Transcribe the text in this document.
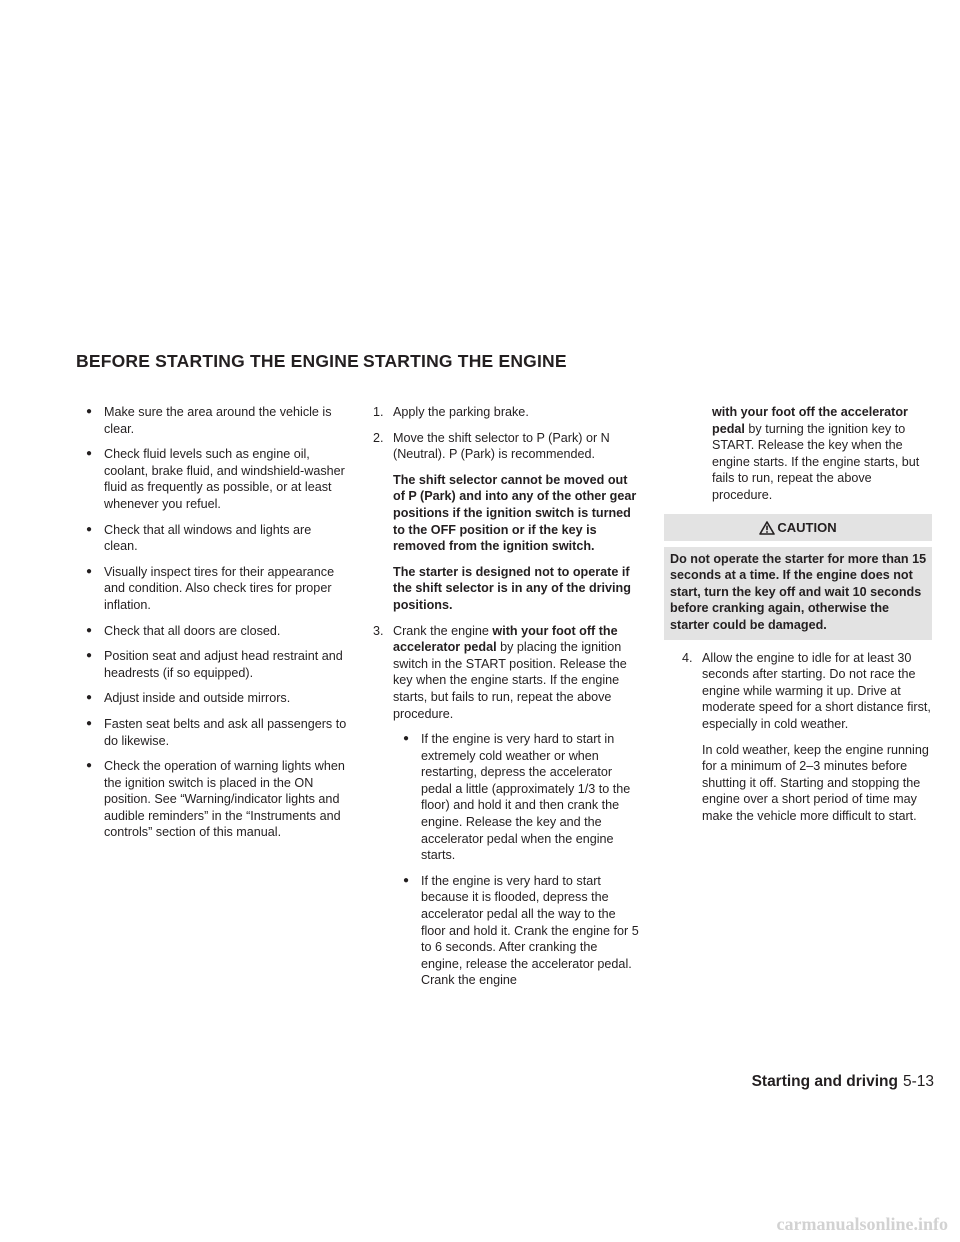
BEFORE STARTING THE ENGINE STARTING THE ENGINE
● Make sure the area around the vehicle is clear.
● Check fluid levels such as engine oil, coolant, brake fluid, and windshield-washer fluid as frequently as possible, or at least whenever you refuel.
● Check that all windows and lights are clean.
● Visually inspect tires for their appearance and condition. Also check tires for proper inflation.
● Check that all doors are closed.
● Position seat and adjust head restraint and headrests (if so equipped).
● Adjust inside and outside mirrors.
● Fasten seat belts and ask all passengers to do likewise.
● Check the operation of warning lights when the ignition switch is placed in the ON position. See “Warning/indicator lights and audible reminders” in the “Instruments and controls” section of this manual.
1. Apply the parking brake.

2. Move the shift selector to P (Park) or N (Neutral). P (Park) is recommended.

The shift selector cannot be moved out of P (Park) and into any of the other gear positions if the ignition switch is turned to the OFF position or if the key is removed from the ignition switch.

The starter is designed not to operate if the shift selector is in any of the driving positions.

3. Crank the engine with your foot off the accelerator pedal by placing the ignition switch in the START position. Release the key when the engine starts. If the engine starts, but fails to run, repeat the above procedure.

● If the engine is very hard to start in extremely cold weather or when restarting, depress the accelerator pedal a little (approximately 1/3 to the floor) and hold it and then crank the engine. Release the key and the accelerator pedal when the engine starts.
● If the engine is very hard to start because it is flooded, depress the accelerator pedal all the way to the floor and hold it. Crank the engine for 5 to 6 seconds. After cranking the engine, release the accelerator pedal. Crank the engine

with your foot off the accelerator pedal by turning the ignition key to START. Release the key when the engine starts. If the engine starts, but fails to run, repeat the above procedure.

CAUTION
Do not operate the starter for more than 15 seconds at a time. If the engine does not start, turn the key off and wait 10 seconds before cranking again, otherwise the starter could be damaged.
4. Allow the engine to idle for at least 30 seconds after starting. Do not race the engine while warming it up. Drive at moderate speed for a short distance first, especially in cold weather.

In cold weather, keep the engine running for a minimum of 2–3 minutes before shutting it off. Starting and stopping the engine over a short period of time may make the vehicle more difficult to start.

Starting and driving 5-13
carmanualsonline.info
